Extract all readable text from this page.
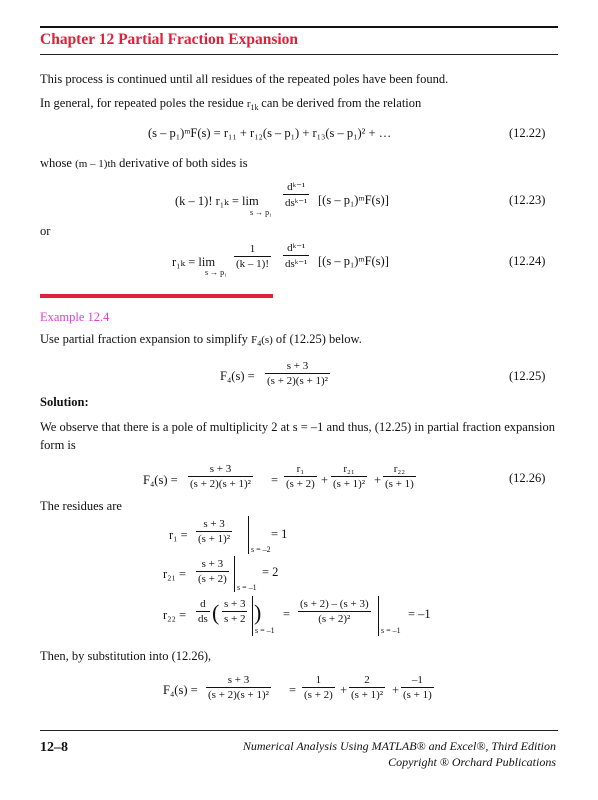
Chapter 12 Partial Fraction Expansion
This process is continued until all residues of the repeated poles have been found.
In general, for repeated poles the residue $r_{1k}$ can be derived from the relation
(s – p₁)ᵐF(s) = r₁₁ + r₁₂(s – p₁) + r₁₃(s – p₁)² + …	(12.22)
whose (m – 1)th derivative of both sides is
(k – 1)! r₁ₖ = lim
s → p₁
dᵏ⁻¹
dsᵏ⁻¹ [(s – p₁)ᵐF(s)]	(12.23)
or
r₁ₖ = lim
s → p₁
1
(k – 1)!
dᵏ⁻¹
dsᵏ⁻¹ [(s – p₁)ᵐF(s)]	(12.24)
Example 12.4
Use partial fraction expansion to simplify $F_4(s)$ of (12.25) below.
F₄(s) =
s + 3
(s + 2)(s + 1)²	(12.25)
Solution:
We observe that there is a pole of multiplicity 2 at s = –1 and thus, (12.25) in partial fraction expansion form is
F₄(s) =
s + 3
(s + 2)(s + 1)² =
r₁
(s + 2) +
r₂₁
(s + 1)² +
r₂₂
(s + 1)	(12.26)
The residues are
r₁ =
s + 3
(s + 1)²
s = –2
= 1
r₂₁ =
s + 3
(s + 2)
s = –1
= 2
r₂₂ =
d
ds ( s + 3
s + 2 )
s = –1
=
(s + 2) – (s + 3)
(s + 2)²
s = –1
= –1
Then, by substitution into (12.26),
F₄(s) =
s + 3
(s + 2)(s + 1)² =
1
(s + 2) +
2
(s + 1)² +
–1
(s + 1)
12–8	Numerical Analysis Using MATLAB® and Excel®, Third Edition
Copyright ® Orchard Publications
